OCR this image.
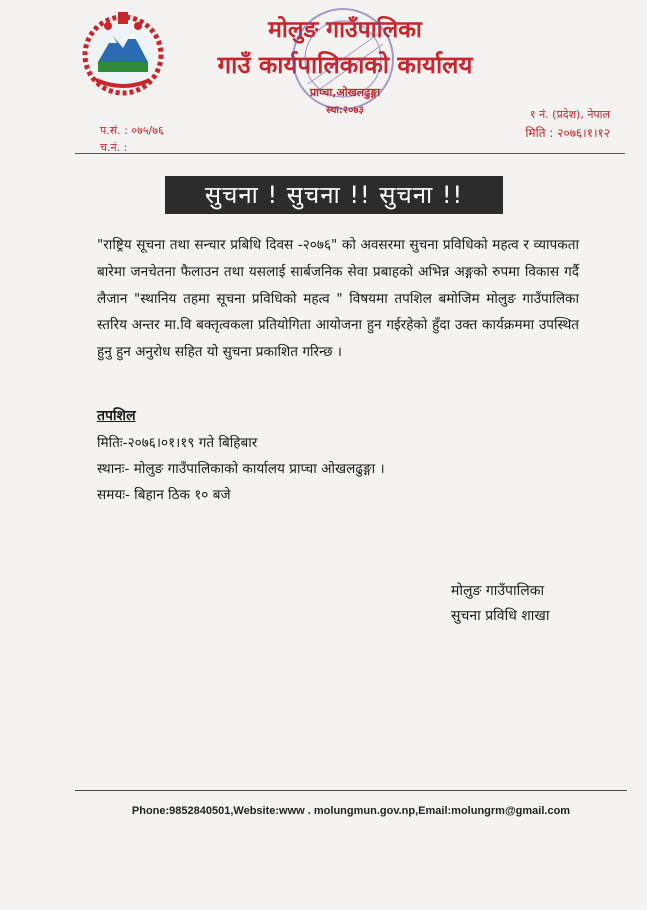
मोलुङ गाउँपालिका
गाउँ कार्यपालिकाको कार्यालय
प्राप्चा,ओखलढुङ्गा
स्था:२०७३
प.सं. : ०७५/७६
च.नं. :
१ नं. (प्रदेश), नेपाल
मिति : २०७६।१।१२
सुचना ! सुचना !! सुचना !!
"राष्ट्रिय सूचना तथा सन्चार प्रबिधि दिवस -२०७६" को अवसरमा सुचना प्रविधिको महत्व र व्यापकता बारेमा जनचेतना फैलाउन तथा यसलाई सार्बजनिक सेवा प्रबाहको अभिन्न अङ्गको रुपमा विकास गर्दै लैजान "स्थानिय तहमा सूचना प्रविधिको महत्व " विषयमा तपशिल बमोजिम मोलुङ गाउँपालिका स्तरिय अन्तर मा.वि बक्तृत्वकला प्रतियोगिता आयोजना हुन गईरहेको हुँदा उक्त कार्यक्रममा उपस्थित हुनु हुन अनुरोध सहित यो सुचना प्रकाशित गरिन्छ ।
तपशिल
मितिः-२०७६।०१।१९ गते बिहिबार
स्थानः- मोलुङ गाउँपालिकाको कार्यालय प्राप्चा ओखलढुङ्गा ।
समयः- बिहान ठिक १० बजे
मोलुङ गाउँपालिका
सुचना प्रविधि शाखा
Phone:9852840501,Website:www . molungmun.gov.np,Email:molungrm@gmail.com
